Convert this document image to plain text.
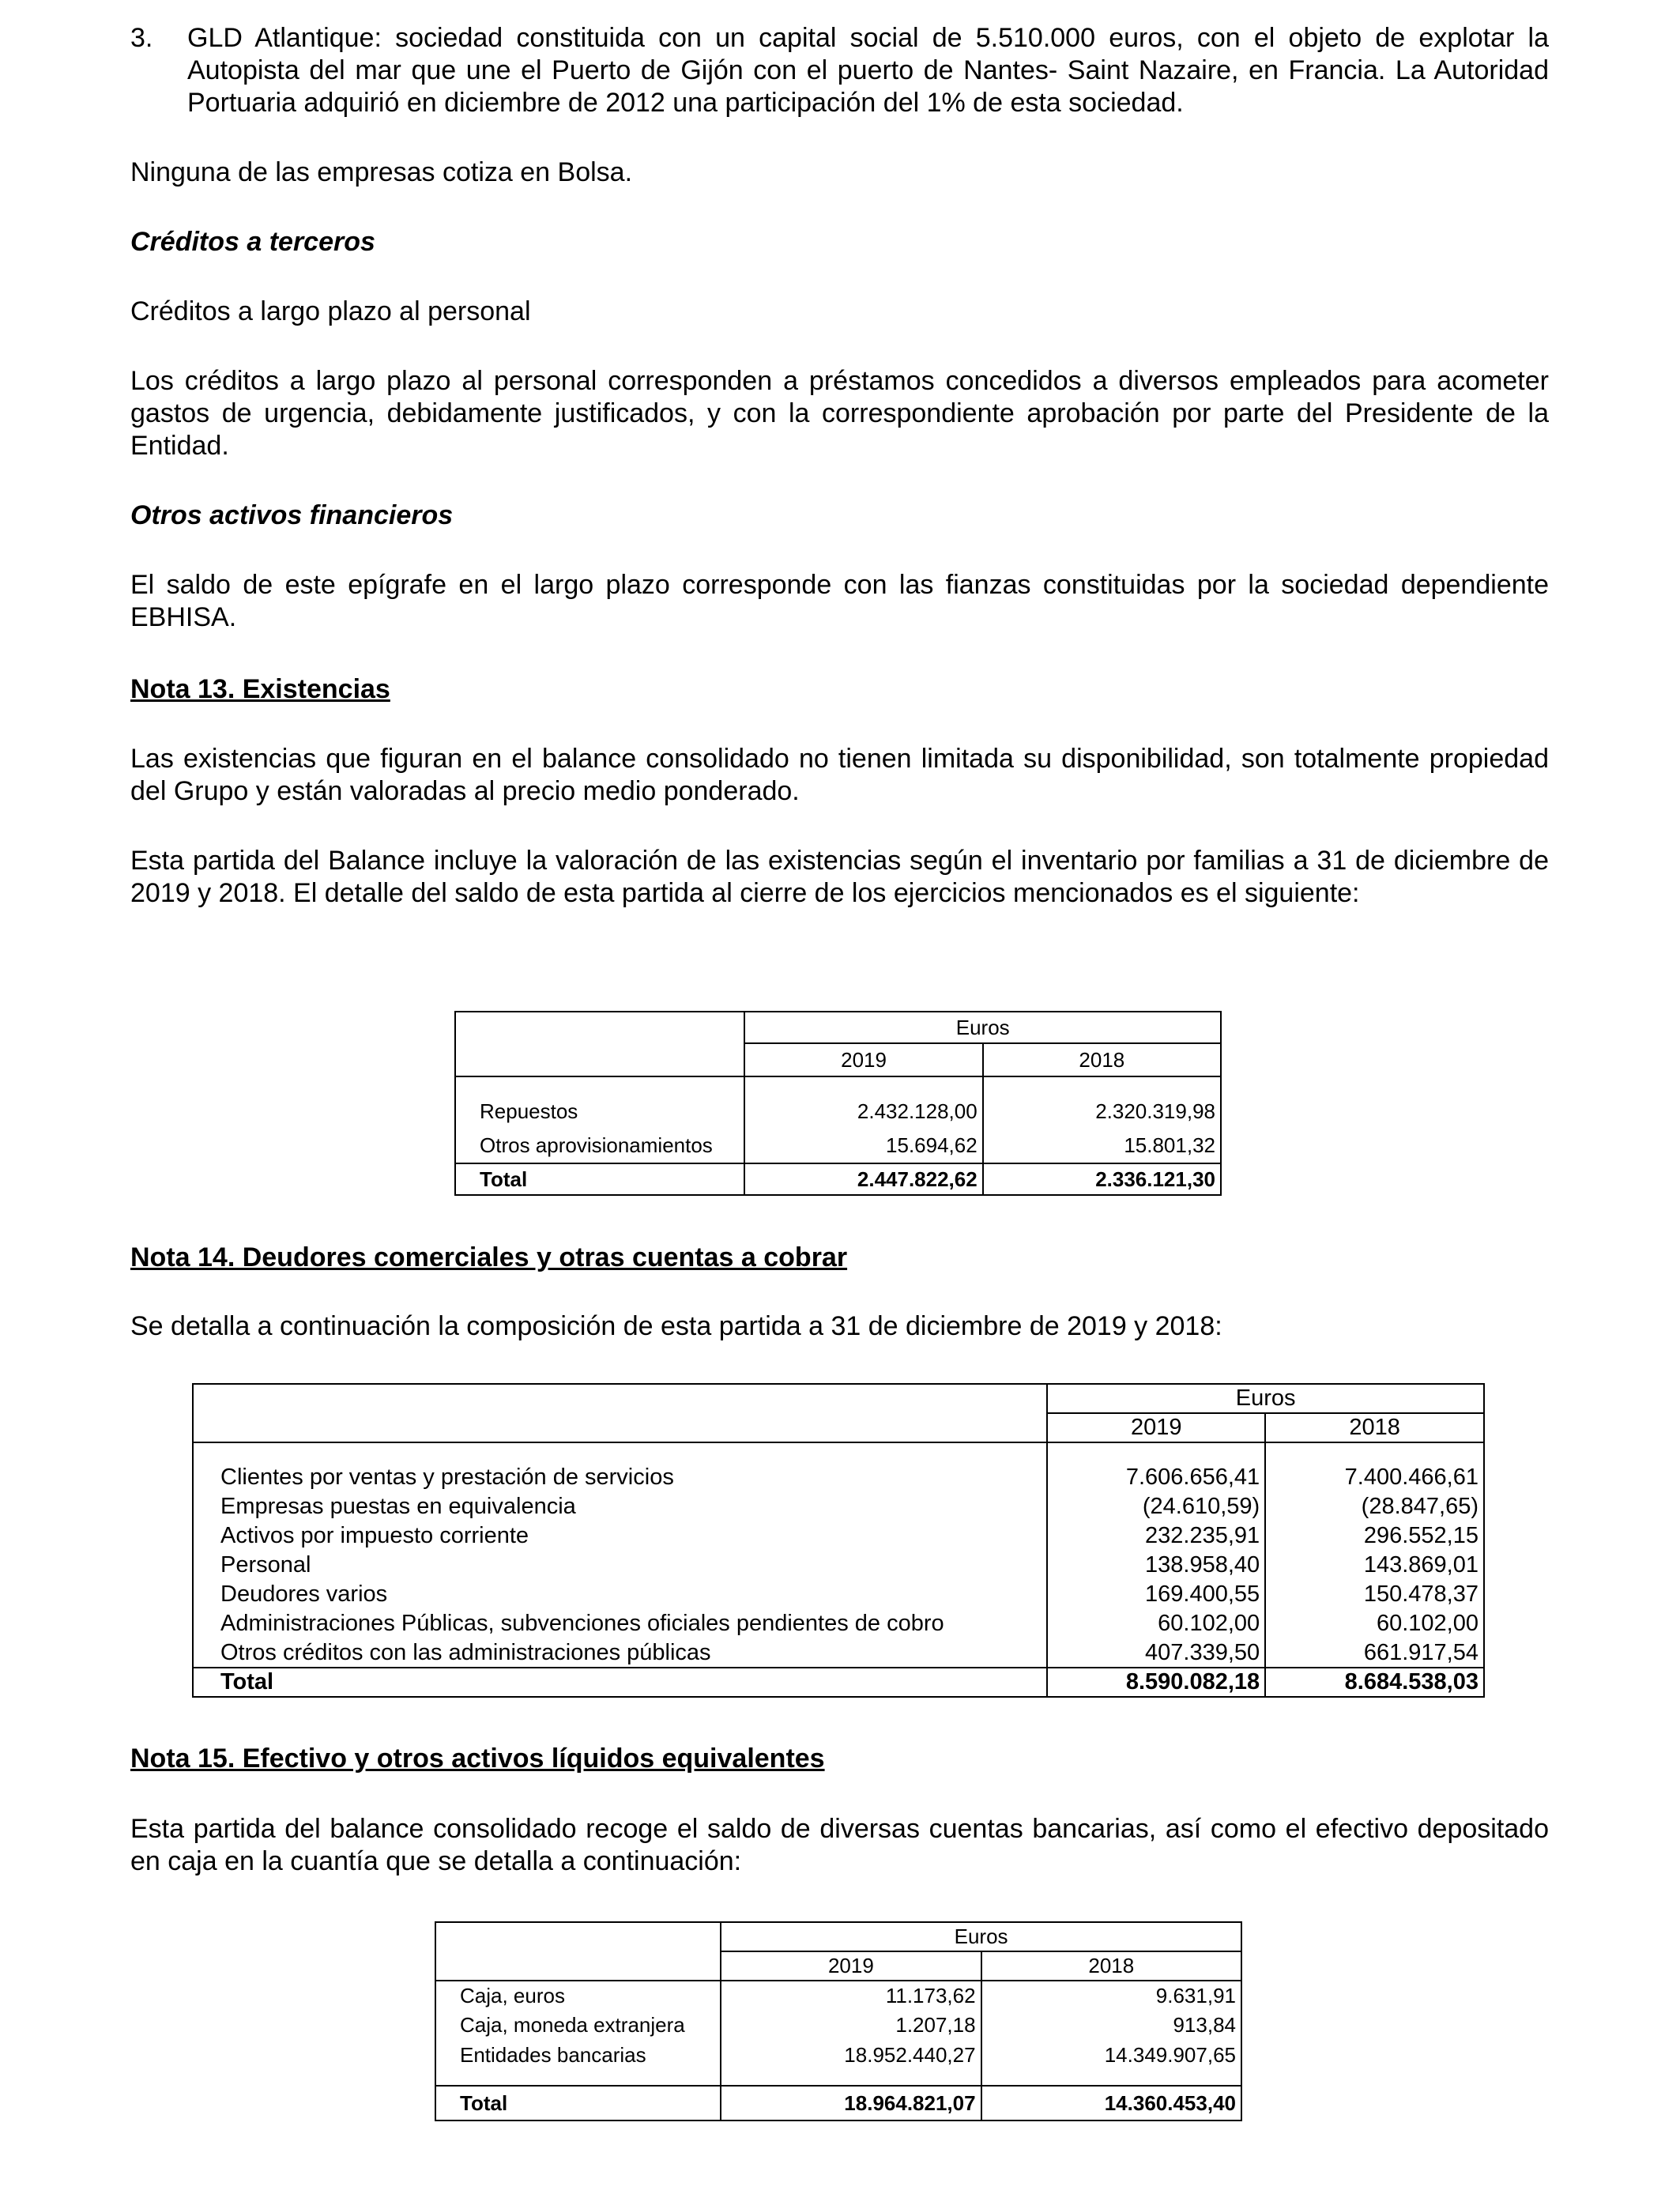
3. GLD Atlantique: sociedad constituida con un capital social de 5.510.000 euros, con el objeto de explotar la Autopista del mar que une el Puerto de Gijón con el puerto de Nantes- Saint Nazaire, en Francia. La Autoridad Portuaria adquirió en diciembre de 2012 una participación del 1% de esta sociedad.

Ninguna de las empresas cotiza en Bolsa.

Créditos a terceros

Créditos a largo plazo al personal

Los créditos a largo plazo al personal corresponden a préstamos concedidos a diversos empleados para acometer gastos de urgencia, debidamente justificados, y con la correspondiente aprobación por parte del Presidente de la Entidad.

Otros activos financieros

El saldo de este epígrafe en el largo plazo corresponde con las fianzas constituidas por la sociedad dependiente EBHISA.

Nota 13. Existencias

Las existencias que figuran en el balance consolidado no tienen limitada su disponibilidad, son totalmente propiedad del Grupo y están valoradas al precio medio ponderado.

Esta partida del Balance incluye la valoración de las existencias según el inventario por familias a 31 de diciembre de 2019 y 2018. El detalle del saldo de esta partida al cierre de los ejercicios mencionados es el siguiente:

	Euros	
	2019	2018

Repuestos	2.432.128,00	2.320.319,98
Otros aprovisionamientos	15.694,62	15.801,32
Total	2.447.822,62	2.336.121,30

Nota 14. Deudores comerciales y otras cuentas a cobrar

Se detalla a continuación la composición de esta partida a 31 de diciembre de 2019 y 2018:

	Euros	
	2019	2018

Clientes por ventas y prestación de servicios	7.606.656,41	7.400.466,61
Empresas puestas en equivalencia	(24.610,59)	(28.847,65)
Activos por impuesto corriente	232.235,91	296.552,15
Personal	138.958,40	143.869,01
Deudores varios	169.400,55	150.478,37
Administraciones Públicas, subvenciones oficiales pendientes de cobro	60.102,00	60.102,00
Otros créditos con las administraciones públicas	407.339,50	661.917,54
Total	8.590.082,18	8.684.538,03

Nota 15. Efectivo y otros activos líquidos equivalentes

Esta partida del balance consolidado recoge el saldo de diversas cuentas bancarias, así como el efectivo depositado en caja en la cuantía que se detalla a continuación:

	Euros	
	2019	2018
Caja, euros	11.173,62	9.631,91
Caja, moneda extranjera	1.207,18	913,84
Entidades bancarias	18.952.440,27	14.349.907,65

Total	18.964.821,07	14.360.453,40
